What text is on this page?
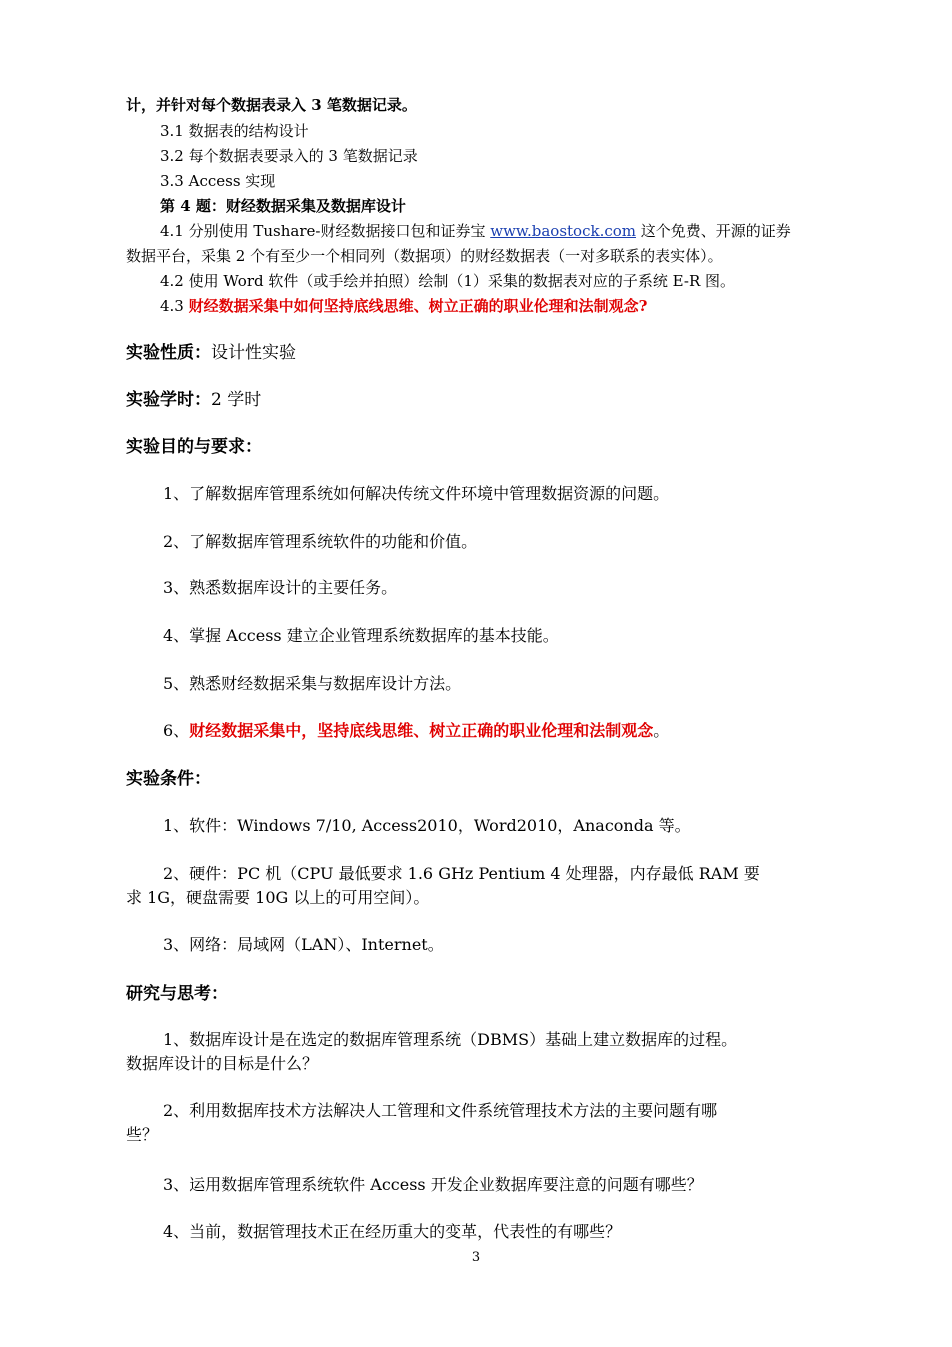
计，并针对每个数据表录入 3 笔数据记录。
3.1 数据表的结构设计
3.2 每个数据表要录入的 3 笔数据记录
3.3 Access 实现
第 4 题：财经数据采集及数据库设计
4.1 分别使用 Tushare-财经数据接口包和证券宝 www.baostock.com 这个免费、开源的证券
数据平台，采集 2 个有至少一个相同列（数据项）的财经数据表（一对多联系的表实体）。
4.2 使用 Word 软件（或手绘并拍照）绘制（1）采集的数据表对应的子系统 E-R 图。
4.3 财经数据采集中如何坚持底线思维、树立正确的职业伦理和法制观念?
实验性质：设计性实验
实验学时：2 学时
实验目的与要求：
1、了解数据库管理系统如何解决传统文件环境中管理数据资源的问题。
2、了解数据库管理系统软件的功能和价值。
3、熟悉数据库设计的主要任务。
4、掌握 Access 建立企业管理系统数据库的基本技能。
5、熟悉财经数据采集与数据库设计方法。
6、财经数据采集中，坚持底线思维、树立正确的职业伦理和法制观念。
实验条件：
1、软件：Windows 7/10, Access2010，Word2010，Anaconda 等。
2、硬件：PC 机（CPU 最低要求 1.6 GHz Pentium 4 处理器，内存最低 RAM 要
求 1G，硬盘需要 10G 以上的可用空间）。
3、网络：局域网（LAN）、Internet。
研究与思考：
1、数据库设计是在选定的数据库管理系统（DBMS）基础上建立数据库的过程。
数据库设计的目标是什么？
2、利用数据库技术方法解决人工管理和文件系统管理技术方法的主要问题有哪
些？
3、运用数据库管理系统软件 Access 开发企业数据库要注意的问题有哪些？
4、当前，数据管理技术正在经历重大的变革，代表性的有哪些？
3
